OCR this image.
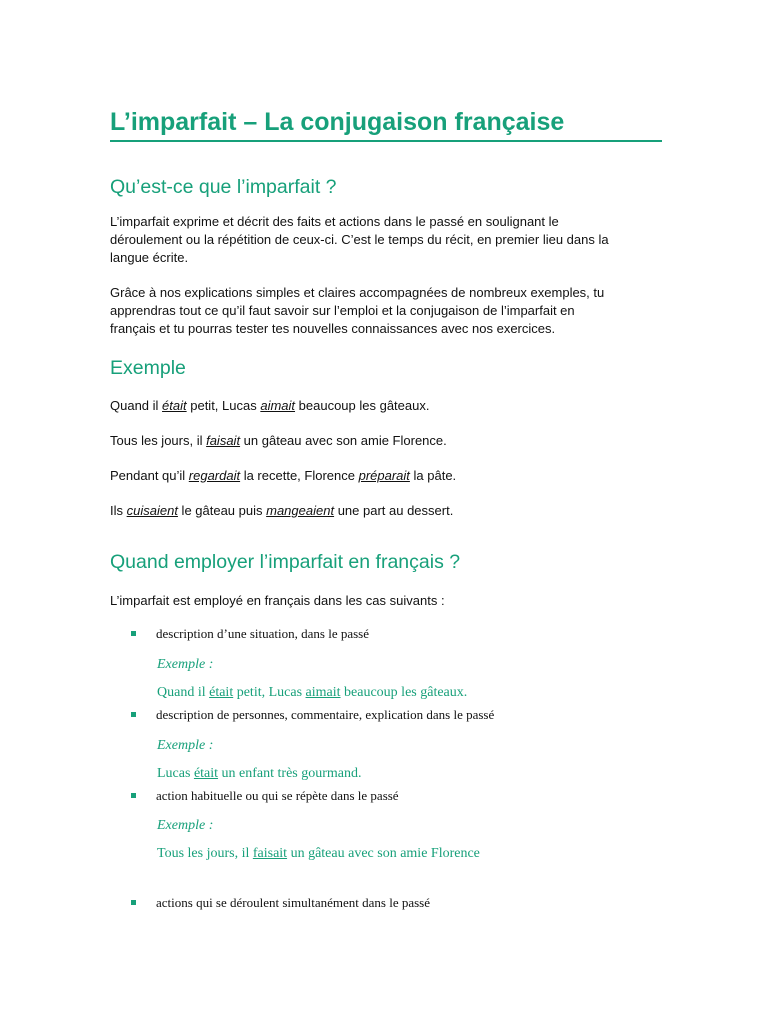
L’imparfait – La conjugaison française
Qu’est-ce que l’imparfait ?

L’imparfait exprime et décrit des faits et actions dans le passé en soulignant le
déroulement ou la répétition de ceux-ci. C’est le temps du récit, en premier lieu dans la
langue écrite.

Grâce à nos explications simples et claires accompagnées de nombreux exemples, tu
apprendras tout ce qu’il faut savoir sur l’emploi et la conjugaison de l’imparfait en
français et tu pourras tester tes nouvelles connaissances avec nos exercices.

Exemple

Quand il était petit, Lucas aimait beaucoup les gâteaux.

Tous les jours, il faisait un gâteau avec son amie Florence.

Pendant qu’il regardait la recette, Florence préparait la pâte.

Ils cuisaient le gâteau puis mangeaient une part au dessert.

Quand employer l’imparfait en français ?

L’imparfait est employé en français dans les cas suivants :

description d’une situation, dans le passé

Exemple :

Quand il était petit, Lucas aimait beaucoup les gâteaux.

description de personnes, commentaire, explication dans le passé

Exemple :

Lucas était un enfant très gourmand.

action habituelle ou qui se répète dans le passé

Exemple :

Tous les jours, il faisait un gâteau avec son amie Florence

actions qui se déroulent simultanément dans le passé
